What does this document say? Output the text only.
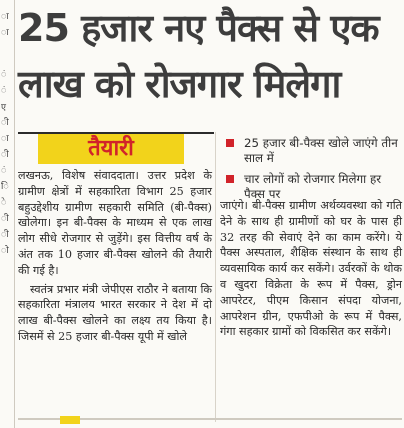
ा
ा
ं
ं
ए
ी
ा
ी
ं
ि
े
ी
ी
ो
25 हजार नए पैक्स से एक
लाख को रोजगार मिलेगा
तैयारी	25 हजार बी-पैक्स खोले जाएंगे तीन साल में
चार लोगों को रोजगार मिलेगा हर पैक्स पर

लखनऊ, विशेष संवाददाता। उत्तर प्रदेश के ग्रामीण क्षेत्रों में सहकारिता विभाग 25 हजार बहुउद्देशीय ग्रामीण सहकारी समिति (बी-पैक्स) खोलेगा। इन बी-पैक्स के माध्यम से एक लाख लोग सीधे रोजगार से जुड़ेंगे। इस वित्तीय वर्ष के अंत तक 10 हजार बी-पैक्स खोलने की तैयारी की गई है।

स्वतंत्र प्रभार मंत्री जेपीएस राठौर ने बताया कि सहकारिता मंत्रालय भारत सरकार ने देश में दो लाख बी-पैक्स खोलने का लक्ष्य तय किया है। जिसमें से 25 हजार बी-पैक्स यूपी में खोले

जाएंगे। बी-पैक्स ग्रामीण अर्थव्यवस्था को गति देने के साथ ही ग्रामीणों को घर के पास ही 32 तरह की सेवाएं देने का काम करेंगे। ये पैक्स अस्पताल, शैक्षिक संस्थान के साथ ही व्यवसायिक कार्य कर सकेंगे। उर्वरकों के थोक व खुदरा विक्रेता के रूप में पैक्स, ड्रोन आपरेटर, पीएम किसान संपदा योजना, आपरेशन ग्रीन, एफपीओ के रूप में पैक्स, गंगा सहकार ग्रामों को विकसित कर सकेंगे।
